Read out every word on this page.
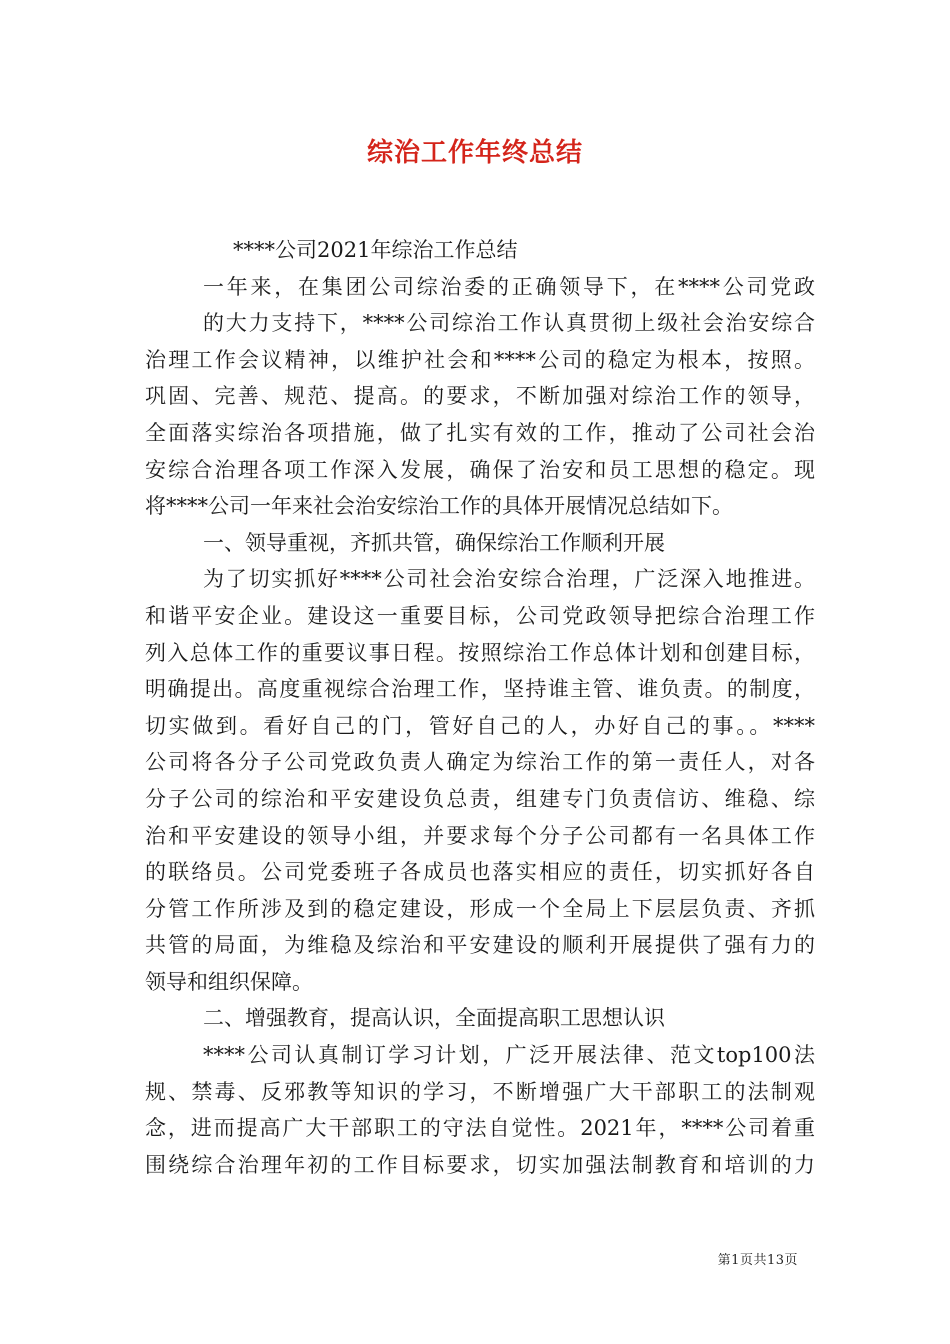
综治工作年终总结
****公司2021年综治工作总结
一年来，在集团公司综治委的正确领导下，在****公司党政
的大力支持下，****公司综治工作认真贯彻上级社会治安综合
治理工作会议精神，以维护社会和****公司的稳定为根本，按照。
巩固、完善、规范、提高。的要求，不断加强对综治工作的领导，
全面落实综治各项措施，做了扎实有效的工作，推动了公司社会治
安综合治理各项工作深入发展，确保了治安和员工思想的稳定。现
将****公司一年来社会治安综治工作的具体开展情况总结如下。
一、领导重视，齐抓共管，确保综治工作顺利开展
为了切实抓好****公司社会治安综合治理，广泛深入地推进。
和谐平安企业。建设这一重要目标，公司党政领导把综合治理工作
列入总体工作的重要议事日程。按照综治工作总体计划和创建目标，
明确提出。高度重视综合治理工作，坚持谁主管、谁负责。的制度，
切实做到。看好自己的门，管好自己的人，办好自己的事。。****
公司将各分子公司党政负责人确定为综治工作的第一责任人，对各
分子公司的综治和平安建设负总责，组建专门负责信访、维稳、综
治和平安建设的领导小组，并要求每个分子公司都有一名具体工作
的联络员。公司党委班子各成员也落实相应的责任，切实抓好各自
分管工作所涉及到的稳定建设，形成一个全局上下层层负责、齐抓
共管的局面，为维稳及综治和平安建设的顺利开展提供了强有力的
领导和组织保障。
二、增强教育，提高认识，全面提高职工思想认识
****公司认真制订学习计划，广泛开展法律、范文top100法
规、禁毒、反邪教等知识的学习，不断增强广大干部职工的法制观
念，进而提高广大干部职工的守法自觉性。2021年，****公司着重
围绕综合治理年初的工作目标要求，切实加强法制教育和培训的力
第1页共13页
